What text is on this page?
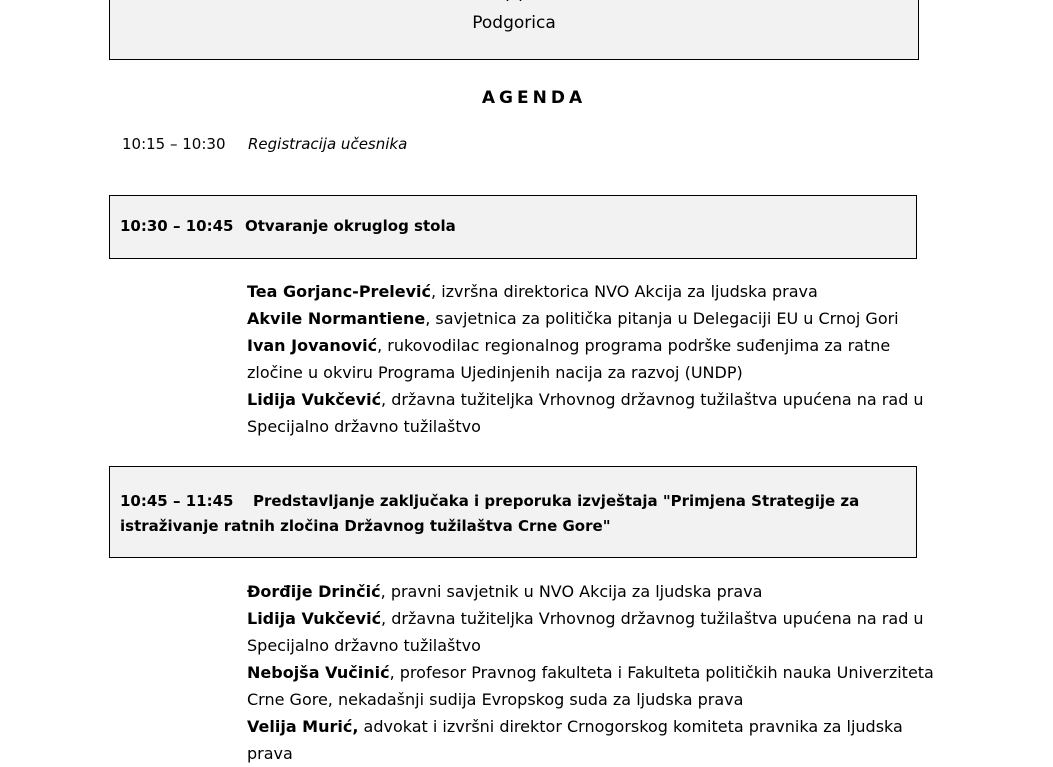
Podgorica
AGENDA
10:15 – 10:30 Registracija učesnika
10:30 – 10:45 Otvaranje okruglog stola
Tea Gorjanc-Prelević, izvršna direktorica NVO Akcija za ljudska prava
Akvile Normantiene, savjetnica za politička pitanja u Delegaciji EU u Crnoj Gori
Ivan Jovanović, rukovodilac regionalnog programa podrške suđenjima za ratne zločine u okviru Programa Ujedinjenih nacija za razvoj (UNDP)
Lidija Vukčević, državna tužiteljka Vrhovnog državnog tužilaštva upućena na rad u Specijalno državno tužilaštvo
10:45 – 11:45 Predstavljanje zaključaka i preporuka izvještaja "Primjena Strategije za istraživanje ratnih zločina Državnog tužilaštva Crne Gore"
Đorđije Drinčić, pravni savjetnik u NVO Akcija za ljudska prava
Lidija Vukčević, državna tužiteljka Vrhovnog državnog tužilaštva upućena na rad u Specijalno državno tužilaštvo
Nebojša Vučinić, profesor Pravnog fakulteta i Fakulteta političkih nauka Univerziteta Crne Gore, nekadašnji sudija Evropskog suda za ljudska prava
Velija Murić, advokat i izvršni direktor Crnogorskog komiteta pravnika za ljudska prava
